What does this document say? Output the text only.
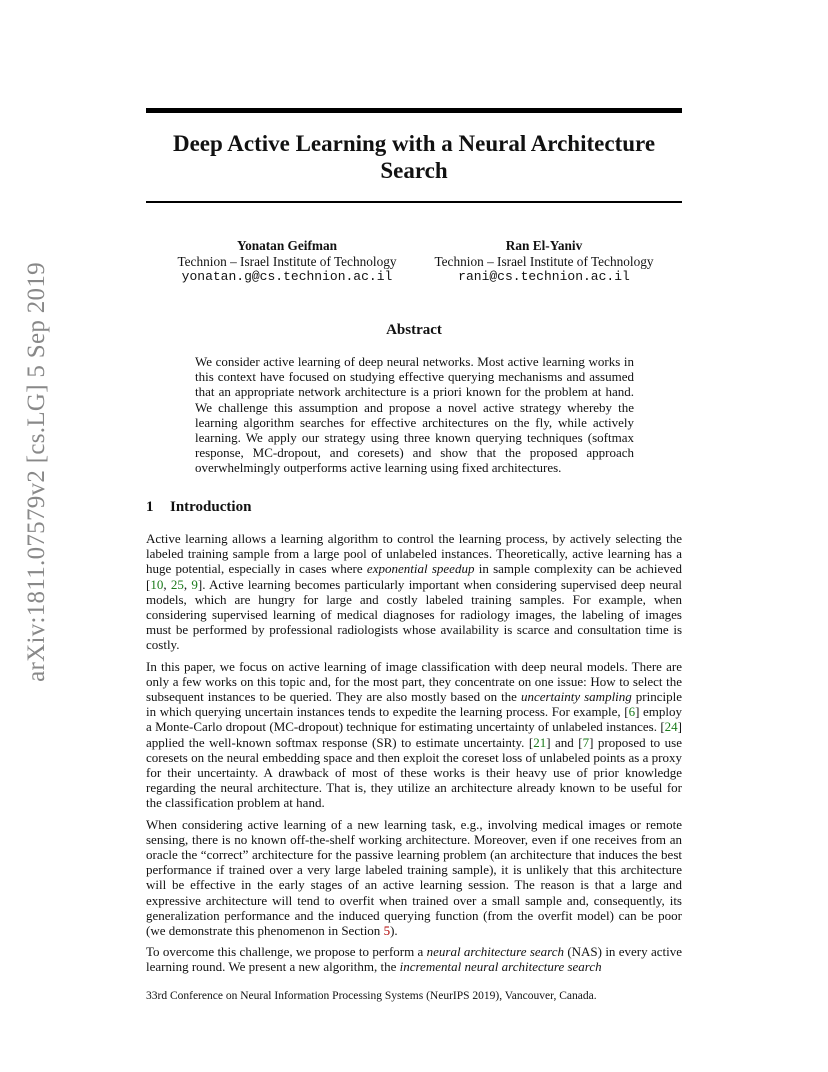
arXiv:1811.07579v2 [cs.LG] 5 Sep 2019
Deep Active Learning with a Neural Architecture Search
Yonatan Geifman
Technion – Israel Institute of Technology
yonatan.g@cs.technion.ac.il
Ran El-Yaniv
Technion – Israel Institute of Technology
rani@cs.technion.ac.il
Abstract
We consider active learning of deep neural networks. Most active learning works in this context have focused on studying effective querying mechanisms and assumed that an appropriate network architecture is a priori known for the problem at hand. We challenge this assumption and propose a novel active strategy whereby the learning algorithm searches for effective architectures on the fly, while actively learning. We apply our strategy using three known querying techniques (softmax response, MC-dropout, and coresets) and show that the proposed approach overwhelmingly outperforms active learning using fixed architectures.
1 Introduction

Active learning allows a learning algorithm to control the learning process, by actively selecting the labeled training sample from a large pool of unlabeled instances. Theoretically, active learning has a huge potential, especially in cases where exponential speedup in sample complexity can be achieved [10, 25, 9]. Active learning becomes particularly important when considering supervised deep neural models, which are hungry for large and costly labeled training samples. For example, when considering supervised learning of medical diagnoses for radiology images, the labeling of images must be performed by professional radiologists whose availability is scarce and consultation time is costly.

In this paper, we focus on active learning of image classification with deep neural models. There are only a few works on this topic and, for the most part, they concentrate on one issue: How to select the subsequent instances to be queried. They are also mostly based on the uncertainty sampling principle in which querying uncertain instances tends to expedite the learning process. For example, [6] employ a Monte-Carlo dropout (MC-dropout) technique for estimating uncertainty of unlabeled instances. [24] applied the well-known softmax response (SR) to estimate uncertainty. [21] and [7] proposed to use coresets on the neural embedding space and then exploit the coreset loss of unlabeled points as a proxy for their uncertainty. A drawback of most of these works is their heavy use of prior knowledge regarding the neural architecture. That is, they utilize an architecture already known to be useful for the classification problem at hand.

When considering active learning of a new learning task, e.g., involving medical images or remote sensing, there is no known off-the-shelf working architecture. Moreover, even if one receives from an oracle the “correct” architecture for the passive learning problem (an architecture that induces the best performance if trained over a very large labeled training sample), it is unlikely that this architecture will be effective in the early stages of an active learning session. The reason is that a large and expressive architecture will tend to overfit when trained over a small sample and, consequently, its generalization performance and the induced querying function (from the overfit model) can be poor (we demonstrate this phenomenon in Section 5).

To overcome this challenge, we propose to perform a neural architecture search (NAS) in every active learning round. We present a new algorithm, the incremental neural architecture search

33rd Conference on Neural Information Processing Systems (NeurIPS 2019), Vancouver, Canada.
